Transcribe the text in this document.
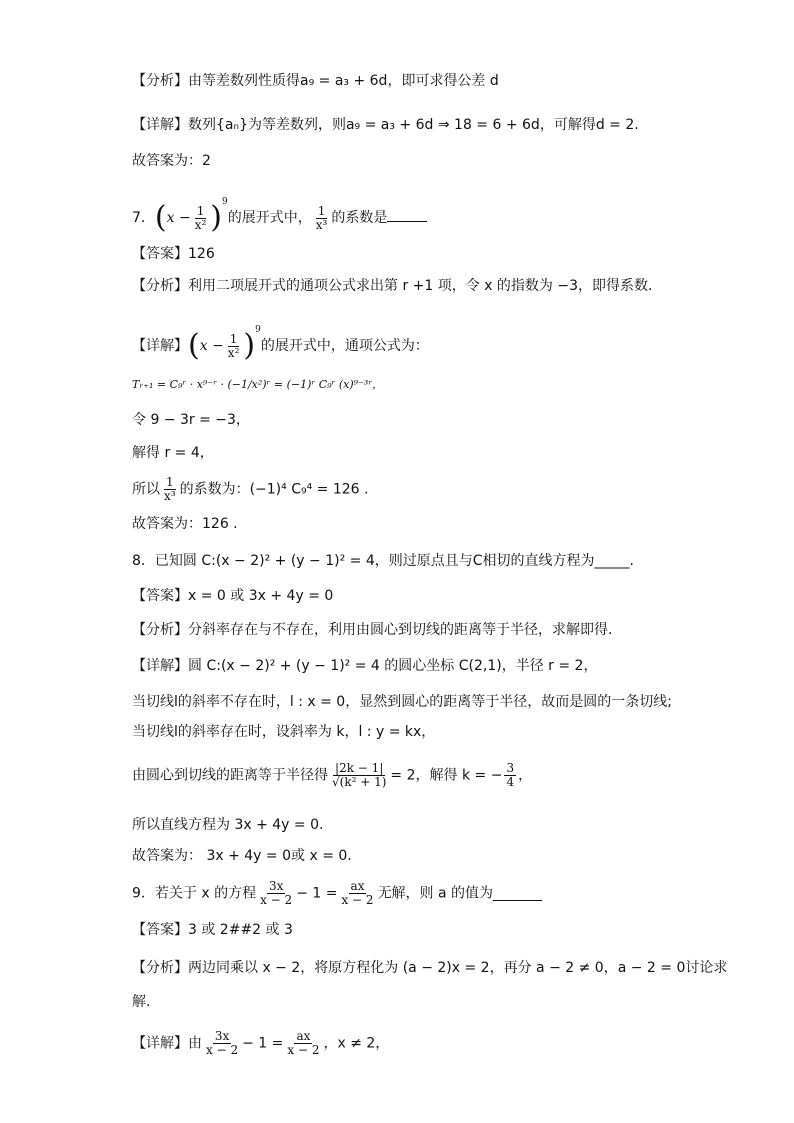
【分析】由等差数列性质得a₉ = a₃ + 6d，即可求得公差 d
【详解】数列{aₙ}为等差数列，则a₉ = a₃ + 6d ⇒ 18 = 6 + 6d，可解得d = 2.
故答案为：2
7．$(x - \frac{1}{\text{x²}} )^9$的展开式中， $\frac{1}{\text{x³}}$ 的系数是
【答案】126
【分析】利用二项展开式的通项公式求出第 r +1 项，令 x 的指数为 −3，即得系数.
【详解】$(x - \frac{1}{\text{x²}} )^9$的展开式中，通项公式为：
Tᵣ₊₁ = C₉ʳ · x⁹⁻ʳ · (−1/x²)ʳ = (−1)ʳ C₉ʳ (x)⁹⁻³ʳ，
令 9 − 3r = −3，
解得 r = 4，
所以 $\frac{1}{\text{x³}}$ 的系数为：(−1)⁴ C₉⁴ = 126 .
故答案为：126 .
8．已知圆 C:(x − 2)² + (y − 1)² = 4，则过原点且与C相切的直线方程为_____.
【答案】x = 0 或 3x + 4y = 0
【分析】分斜率存在与不存在，利用由圆心到切线的距离等于半径，求解即得.
【详解】圆 C:(x − 2)² + (y − 1)² = 4 的圆心坐标 C(2,1)，半径 r = 2，
当切线l的斜率不存在时，l : x = 0，显然到圆心的距离等于半径，故而是圆的一条切线;
当切线l的斜率存在时，设斜率为 k，l : y = kx，
由圆心到切线的距离等于半径得 $\frac{|2k - 1|}{\text{√(k² + 1)}} = 2$，解得 k = − $\frac{3}{4}$ ，
所以直线方程为 3x + 4y = 0.
故答案为： 3x + 4y = 0或 x = 0.
9．若关于 x 的方程 $\frac{3x}{x - 2} - 1 = \frac{ax}{x - 2}$ 无解，则 a 的值为_______
【答案】3 或 2##2 或 3
【分析】两边同乘以 x − 2，将原方程化为 (a − 2)x = 2，再分 a − 2 ≠ 0，a − 2 = 0讨论求
解.
【详解】由 $\frac{3x}{x - 2} - 1 = \frac{ax}{x - 2}$ ，x ≠ 2，
